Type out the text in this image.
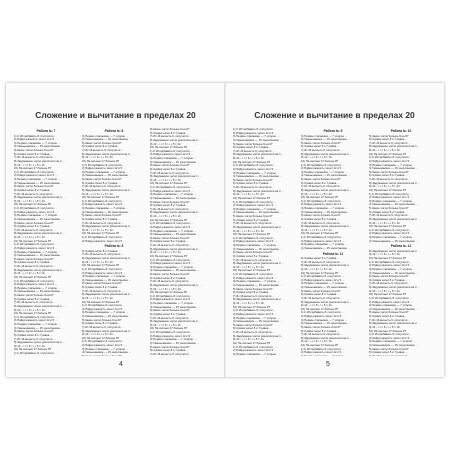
Сложение и вычитание в пределах 20
Работа № 7
1) К 18 прибавить 8, получится …
2) Найди разность чисел 12 и 5 …
3) Первое слагаемое — 7, второе …
4) Уменьшаемое — 15, вычитаемое …
5) Какое число больше 9 на 6?
6) Сумма чисел 8 и 7 равна …
7) Из 16 вычесть 9, получится …
8) Задуманное число увеличили на 4 …
9) 13 – ☐ = 6 ☐ + 5 = 14
10) На сколько 17 больше 8?
1) К 18 прибавить 8, получится …
2) Найди разность чисел 12 и 5 …
3) Первое слагаемое — 7, второе …
4) Уменьшаемое — 15, вычитаемое …
5) Какое число больше 9 на 6?
6) Сумма чисел 8 и 7 равна …
7) Из 16 вычесть 9, получится …
8) Задуманное число увеличили на 4 …
9) 13 – ☐ = 6 ☐ + 5 = 14
10) На сколько 17 больше 8?
1) К 18 прибавить 8, получится …
2) Найди разность чисел 12 и 5 …
3) Первое слагаемое — 7, второе …
4) Уменьшаемое — 15, вычитаемое …
5) Какое число больше 9 на 6?
6) Сумма чисел 8 и 7 равна …
7) Из 16 вычесть 9, получится …
8) Задуманное число увеличили на 4 …
9) 13 – ☐ = 6 ☐ + 5 = 14
10) На сколько 17 больше 8?
1) К 18 прибавить 8, получится …
2) Найди разность чисел 12 и 5 …
3) Первое слагаемое — 7, второе …
4) Уменьшаемое — 15, вычитаемое …
5) Какое число больше 9 на 6?
6) Сумма чисел 8 и 7 равна …
7) Из 16 вычесть 9, получится …
8) Задуманное число увеличили на 4 …
9) 13 – ☐ = 6 ☐ + 5 = 14
10) На сколько 17 больше 8?
1) К 18 прибавить 8, получится …
2) Найди разность чисел 12 и 5 …
3) Первое слагаемое — 7, второе …
4) Уменьшаемое — 15, вычитаемое …
5) Какое число больше 9 на 6?
6) Сумма чисел 8 и 7 равна …
7) Из 16 вычесть 9, получится …
8) Задуманное число увеличили на 4 …
9) 13 – ☐ = 6 ☐ + 5 = 14
10) На сколько 17 больше 8?
1) К 18 прибавить 8, получится …
2) Найди разность чисел 12 и 5 …
3) Первое слагаемое — 7, второе …
4) Уменьшаемое — 15, вычитаемое …
5) Какое число больше 9 на 6?
6) Сумма чисел 8 и 7 равна …
7) Из 16 вычесть 9, получится …
8) Задуманное число увеличили на 4 …
9) 13 – ☐ = 6 ☐ + 5 = 14
10) На сколько 17 больше 8?
1) К 18 прибавить 8, получится …
Работа № 8
3) Первое слагаемое — 7, второе …
4) Уменьшаемое — 15, вычитаемое …
5) Какое число больше 9 на 6?
6) Сумма чисел 8 и 7 равна …
7) Из 16 вычесть 9, получится …
8) Задуманное число увеличили на 4 …
9) 13 – ☐ = 6 ☐ + 5 = 14
10) На сколько 17 больше 8?
1) К 18 прибавить 8, получится …
2) Найди разность чисел 12 и 5 …
3) Первое слагаемое — 7, второе …
4) Уменьшаемое — 15, вычитаемое …
5) Какое число больше 9 на 6?
6) Сумма чисел 8 и 7 равна …
7) Из 16 вычесть 9, получится …
8) Задуманное число увеличили на 4 …
9) 13 – ☐ = 6 ☐ + 5 = 14
10) На сколько 17 больше 8?
1) К 18 прибавить 8, получится …
2) Найди разность чисел 12 и 5 …
3) Первое слагаемое — 7, второе …
4) Уменьшаемое — 15, вычитаемое …
5) Какое число больше 9 на 6?
6) Сумма чисел 8 и 7 равна …
7) Из 16 вычесть 9, получится …
8) Задуманное число увеличили на 4 …
9) 13 – ☐ = 6 ☐ + 5 = 14
10) На сколько 17 больше 8?
1) К 18 прибавить 8, получится …
2) Найди разность чисел 12 и 5 …
Работа № 9
6) Сумма чисел 8 и 7 равна …
7) Из 16 вычесть 9, получится …
8) Задуманное число увеличили на 4 …
9) 13 – ☐ = 6 ☐ + 5 = 14
10) На сколько 17 больше 8?
1) К 18 прибавить 8, получится …
2) Найди разность чисел 12 и 5 …
3) Первое слагаемое — 7, второе …
4) Уменьшаемое — 15, вычитаемое …
5) Какое число больше 9 на 6?
6) Сумма чисел 8 и 7 равна …
7) Из 16 вычесть 9, получится …
8) Задуманное число увеличили на 4 …
9) 13 – ☐ = 6 ☐ + 5 = 14
10) На сколько 17 больше 8?
1) К 18 прибавить 8, получится …
2) Найди разность чисел 12 и 5 …
3) Первое слагаемое — 7, второе …
4) Уменьшаемое — 15, вычитаемое …
5) Какое число больше 9 на 6?
6) Сумма чисел 8 и 7 равна …
7) Из 16 вычесть 9, получится …
8) Задуманное число увеличили на 4 …
9) 13 – ☐ = 6 ☐ + 5 = 14
10) На сколько 17 больше 8?
1) К 18 прибавить 8, получится …
2) Найди разность чисел 12 и 5 …
3) Первое слагаемое — 7, второе …
4) Уменьшаемое — 15, вычитаемое …
5) Какое число больше 9 на 6?
6) Сумма чисел 8 и 7 равна …
7) Из 16 вычесть 9, получится …
8) Задуманное число увеличили на 4 …
9) 13 – ☐ = 6 ☐ + 5 = 14
10) На сколько 17 больше 8?
1) К 18 прибавить 8, получится …
2) Найди разность чисел 12 и 5 …
3) Первое слагаемое — 7, второе …
4) Уменьшаемое — 15, вычитаемое …
5) Какое число больше 9 на 6?
6) Сумма чисел 8 и 7 равна …
7) Из 16 вычесть 9, получится …
8) Задуманное число увеличили на 4 …
9) 13 – ☐ = 6 ☐ + 5 = 14
10) На сколько 17 больше 8?
1) К 18 прибавить 8, получится …
2) Найди разность чисел 12 и 5 …
3) Первое слагаемое — 7, второе …
4) Уменьшаемое — 15, вычитаемое …
5) Какое число больше 9 на 6?
6) Сумма чисел 8 и 7 равна …
7) Из 16 вычесть 9, получится …
8) Задуманное число увеличили на 4 …
9) 13 – ☐ = 6 ☐ + 5 = 14
10) На сколько 17 больше 8?
1) К 18 прибавить 8, получится …
2) Найди разность чисел 12 и 5 …
3) Первое слагаемое — 7, второе …
4) Уменьшаемое — 15, вычитаемое …
5) Какое число больше 9 на 6?
6) Сумма чисел 8 и 7 равна …
7) Из 16 вычесть 9, получится …
8) Задуманное число увеличили на 4 …
9) 13 – ☐ = 6 ☐ + 5 = 14
10) На сколько 17 больше 8?
1) К 18 прибавить 8, получится …
2) Найди разность чисел 12 и 5 …
3) Первое слагаемое — 7, второе …
4) Уменьшаемое — 15, вычитаемое …
5) Какое число больше 9 на 6?
6) Сумма чисел 8 и 7 равна …
7) Из 16 вычесть 9, получится …
8) Задуманное число увеличили на 4 …
9) 13 – ☐ = 6 ☐ + 5 = 14
10) На сколько 17 больше 8?
1) К 18 прибавить 8, получится …
2) Найди разность чисел 12 и 5 …
3) Первое слагаемое — 7, второе …
4) Уменьшаемое — 15, вычитаемое …
5) Какое число больше 9 на 6?
6) Сумма чисел 8 и 7 равна …
7) Из 16 вычесть 9, получится …
8) Задуманное число увеличили на 4 …
9) 13 – ☐ = 6 ☐ + 5 = 14
10) На сколько 17 больше 8?
1) К 18 прибавить 8, получится …
2) Найди разность чисел 12 и 5 …
3) Первое слагаемое — 7, второе …
4) Уменьшаемое — 15, вычитаемое …
5) Какое число больше 9 на 6?
6) Сумма чисел 8 и 7 равна …
7) Из 16 вычесть 9, получится …
4
Сложение и вычитание в пределах 20
1) К 18 прибавить 8, получится …
2) Найди разность чисел 12 и 5 …
3) Первое слагаемое — 7, второе …
4) Уменьшаемое — 15, вычитаемое …
5) Какое число больше 9 на 6?
6) Сумма чисел 8 и 7 равна …
7) Из 16 вычесть 9, получится …
8) Задуманное число увеличили на 4 …
9) 13 – ☐ = 6 ☐ + 5 = 14
10) На сколько 17 больше 8?
1) К 18 прибавить 8, получится …
2) Найди разность чисел 12 и 5 …
3) Первое слагаемое — 7, второе …
4) Уменьшаемое — 15, вычитаемое …
5) Какое число больше 9 на 6?
6) Сумма чисел 8 и 7 равна …
7) Из 16 вычесть 9, получится …
8) Задуманное число увеличили на 4 …
9) 13 – ☐ = 6 ☐ + 5 = 14
10) На сколько 17 больше 8?
1) К 18 прибавить 8, получится …
2) Найди разность чисел 12 и 5 …
3) Первое слагаемое — 7, второе …
4) Уменьшаемое — 15, вычитаемое …
5) Какое число больше 9 на 6?
6) Сумма чисел 8 и 7 равна …
7) Из 16 вычесть 9, получится …
8) Задуманное число увеличили на 4 …
9) 13 – ☐ = 6 ☐ + 5 = 14
10) На сколько 17 больше 8?
1) К 18 прибавить 8, получится …
2) Найди разность чисел 12 и 5 …
3) Первое слагаемое — 7, второе …
4) Уменьшаемое — 15, вычитаемое …
5) Какое число больше 9 на 6?
6) Сумма чисел 8 и 7 равна …
7) Из 16 вычесть 9, получится …
8) Задуманное число увеличили на 4 …
9) 13 – ☐ = 6 ☐ + 5 = 14
10) На сколько 17 больше 8?
1) К 18 прибавить 8, получится …
2) Найди разность чисел 12 и 5 …
3) Первое слагаемое — 7, второе …
4) Уменьшаемое — 15, вычитаемое …
5) Какое число больше 9 на 6?
6) Сумма чисел 8 и 7 равна …
7) Из 16 вычесть 9, получится …
8) Задуманное число увеличили на 4 …
9) 13 – ☐ = 6 ☐ + 5 = 14
10) На сколько 17 больше 8?
1) К 18 прибавить 8, получится …
2) Найди разность чисел 12 и 5 …
3) Первое слагаемое — 7, второе …
4) Уменьшаемое — 15, вычитаемое …
5) Какое число больше 9 на 6?
6) Сумма чисел 8 и 7 равна …
7) Из 16 вычесть 9, получится …
8) Задуманное число увеличили на 4 …
9) 13 – ☐ = 6 ☐ + 5 = 14
10) На сколько 17 больше 8?
1) К 18 прибавить 8, получится …
2) Найди разность чисел 12 и 5 …
3) Первое слагаемое — 7, второе …
Работа № 9
3) Первое слагаемое — 7, второе …
4) Уменьшаемое — 15, вычитаемое …
5) Какое число больше 9 на 6?
6) Сумма чисел 8 и 7 равна …
7) Из 16 вычесть 9, получится …
8) Задуманное число увеличили на 4 …
9) 13 – ☐ = 6 ☐ + 5 = 14
10) На сколько 17 больше 8?
1) К 18 прибавить 8, получится …
2) Найди разность чисел 12 и 5 …
3) Первое слагаемое — 7, второе …
4) Уменьшаемое — 15, вычитаемое …
5) Какое число больше 9 на 6?
6) Сумма чисел 8 и 7 равна …
7) Из 16 вычесть 9, получится …
8) Задуманное число увеличили на 4 …
9) 13 – ☐ = 6 ☐ + 5 = 14
10) На сколько 17 больше 8?
1) К 18 прибавить 8, получится …
2) Найди разность чисел 12 и 5 …
3) Первое слагаемое — 7, второе …
4) Уменьшаемое — 15, вычитаемое …
5) Какое число больше 9 на 6?
6) Сумма чисел 8 и 7 равна …
7) Из 16 вычесть 9, получится …
8) Задуманное число увеличили на 4 …
9) 13 – ☐ = 6 ☐ + 5 = 14
10) На сколько 17 больше 8?
1) К 18 прибавить 8, получится …
2) Найди разность чисел 12 и 5 …
3) Первое слагаемое — 7, второе …
4) Уменьшаемое — 15, вычитаемое …
Работа № 11
6) Сумма чисел 8 и 7 равна …
7) Из 16 вычесть 9, получится …
8) Задуманное число увеличили на 4 …
9) 13 – ☐ = 6 ☐ + 5 = 14
10) На сколько 17 больше 8?
1) К 18 прибавить 8, получится …
2) Найди разность чисел 12 и 5 …
3) Первое слагаемое — 7, второе …
4) Уменьшаемое — 15, вычитаемое …
5) Какое число больше 9 на 6?
6) Сумма чисел 8 и 7 равна …
7) Из 16 вычесть 9, получится …
8) Задуманное число увеличили на 4 …
9) 13 – ☐ = 6 ☐ + 5 = 14
10) На сколько 17 больше 8?
1) К 18 прибавить 8, получится …
2) Найди разность чисел 12 и 5 …
3) Первое слагаемое — 7, второе …
4) Уменьшаемое — 15, вычитаемое …
5) Какое число больше 9 на 6?
6) Сумма чисел 8 и 7 равна …
7) Из 16 вычесть 9, получится …
8) Задуманное число увеличили на 4 …
9) 13 – ☐ = 6 ☐ + 5 = 14
10) На сколько 17 больше 8?
1) К 18 прибавить 8, получится …
2) Найди разность чисел 12 и 5 …
Работа № 10
5) Какое число больше 9 на 6?
6) Сумма чисел 8 и 7 равна …
7) Из 16 вычесть 9, получится …
8) Задуманное число увеличили на 4 …
9) 13 – ☐ = 6 ☐ + 5 = 14
10) На сколько 17 больше 8?
1) К 18 прибавить 8, получится …
2) Найди разность чисел 12 и 5 …
3) Первое слагаемое — 7, второе …
4) Уменьшаемое — 15, вычитаемое …
5) Какое число больше 9 на 6?
6) Сумма чисел 8 и 7 равна …
7) Из 16 вычесть 9, получится …
8) Задуманное число увеличили на 4 …
9) 13 – ☐ = 6 ☐ + 5 = 14
10) На сколько 17 больше 8?
1) К 18 прибавить 8, получится …
2) Найди разность чисел 12 и 5 …
3) Первое слагаемое — 7, второе …
4) Уменьшаемое — 15, вычитаемое …
5) Какое число больше 9 на 6?
6) Сумма чисел 8 и 7 равна …
7) Из 16 вычесть 9, получится …
8) Задуманное число увеличили на 4 …
9) 13 – ☐ = 6 ☐ + 5 = 14
10) На сколько 17 больше 8?
1) К 18 прибавить 8, получится …
2) Найди разность чисел 12 и 5 …
3) Первое слагаемое — 7, второе …
4) Уменьшаемое — 15, вычитаемое …
Работа № 12
8) Задуманное число увеличили на 4 …
9) 13 – ☐ = 6 ☐ + 5 = 14
10) На сколько 17 больше 8?
1) К 18 прибавить 8, получится …
2) Найди разность чисел 12 и 5 …
3) Первое слагаемое — 7, второе …
4) Уменьшаемое — 15, вычитаемое …
5) Какое число больше 9 на 6?
6) Сумма чисел 8 и 7 равна …
7) Из 16 вычесть 9, получится …
8) Задуманное число увеличили на 4 …
9) 13 – ☐ = 6 ☐ + 5 = 14
10) На сколько 17 больше 8?
1) К 18 прибавить 8, получится …
2) Найди разность чисел 12 и 5 …
3) Первое слагаемое — 7, второе …
4) Уменьшаемое — 15, вычитаемое …
5) Какое число больше 9 на 6?
6) Сумма чисел 8 и 7 равна …
7) Из 16 вычесть 9, получится …
8) Задуманное число увеличили на 4 …
9) 13 – ☐ = 6 ☐ + 5 = 14
10) На сколько 17 больше 8?
1) К 18 прибавить 8, получится …
2) Найди разность чисел 12 и 5 …
3) Первое слагаемое — 7, второе …
4) Уменьшаемое — 15, вычитаемое …
5) Какое число больше 9 на 6?
6) Сумма чисел 8 и 7 равна …
5
